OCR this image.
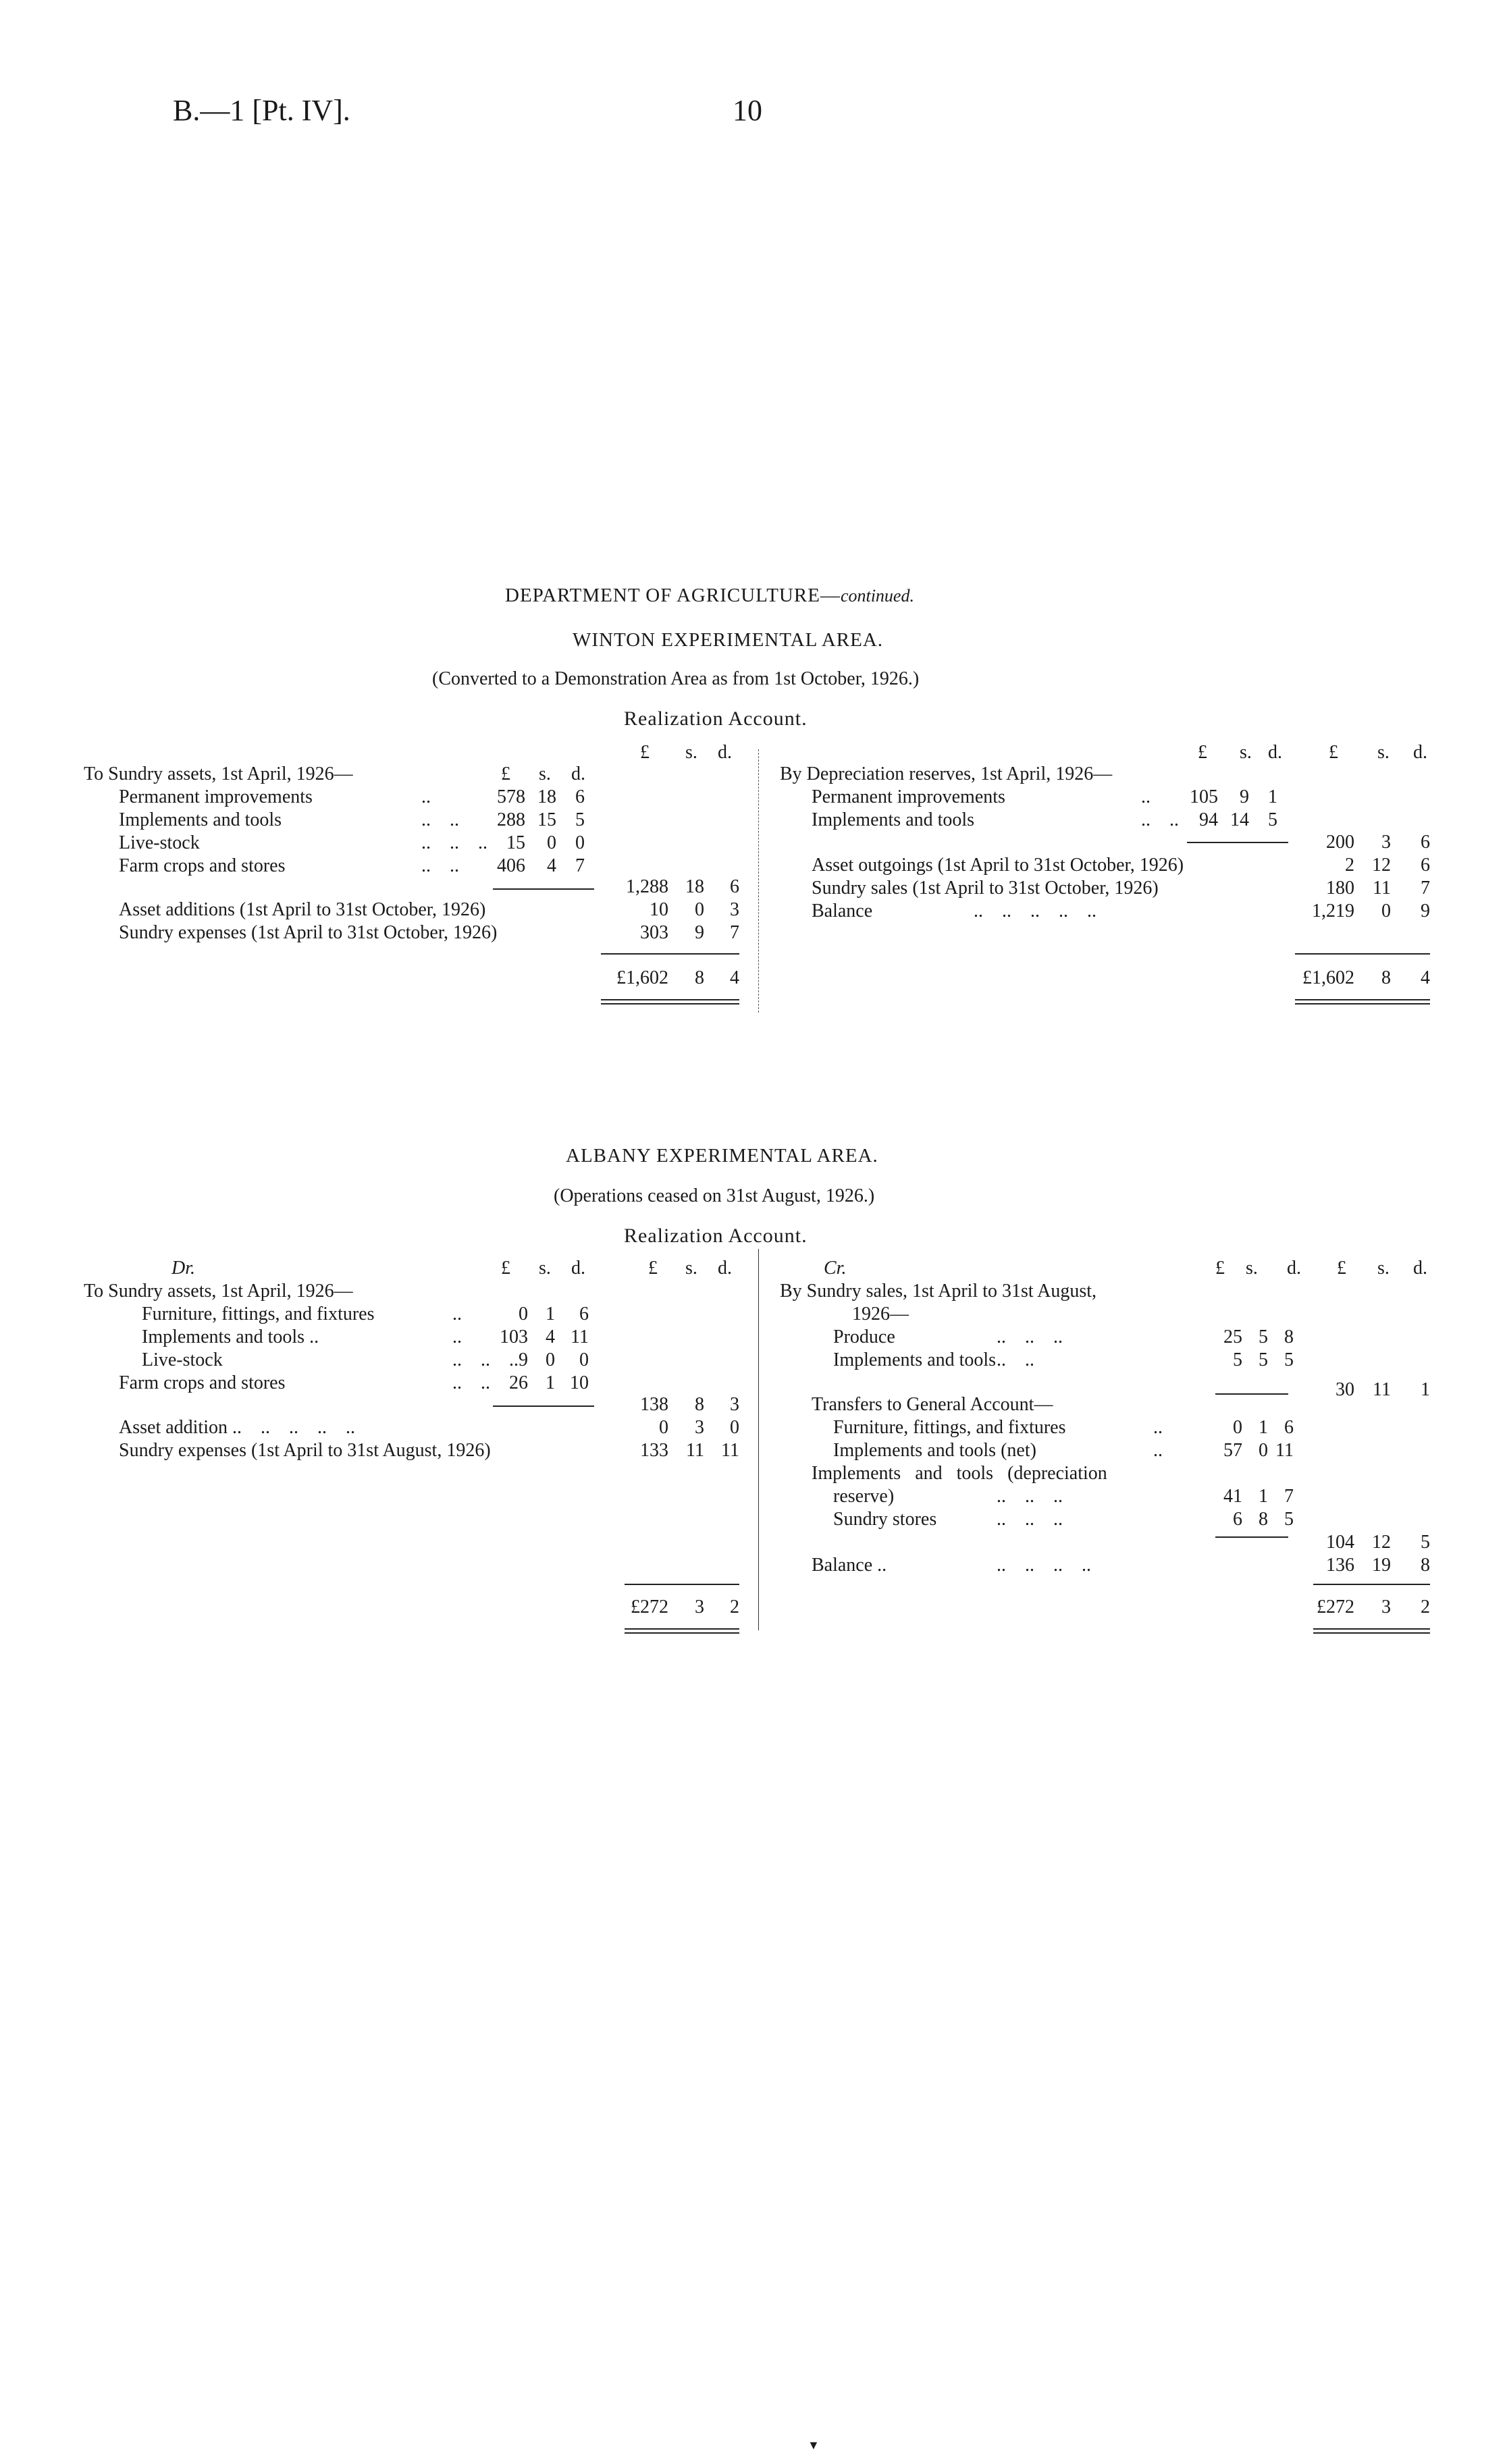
B.—1 [Pt. IV].	10
DEPARTMENT OF AGRICULTURE—continued.
WINTON EXPERIMENTAL AREA.
(Converted to a Demonstration Area as from 1st October, 1926.)
Realization Account.
£ s. d.
To Sundry assets, 1st April, 1926—	£ s. d.
Permanent improvements	..	578 18	6
Implements and tools	..    ..	288 15	5
Live-stock	..    ..    ..	15	0	0
Farm crops and stores	..    ..	406	4	7
1,288 18	6
Asset additions (1st April to 31st October, 1926)	10	0	3
Sundry expenses (1st April to 31st October, 1926)	303	9	7
£1,602	8	4
£ s. d. £ s. d.
By Depreciation reserves, 1st April, 1926—
Permanent improvements	..	105	9	1
Implements and tools	..    ..	94 14	5
200	3	6
Asset outgoings (1st April to 31st October, 1926)	2 12	6
Sundry sales (1st April to 31st October, 1926)	180 11	7
Balance	..    ..    ..    ..    ..	1,219	0	9
£1,602	8	4
ALBANY EXPERIMENTAL AREA.
(Operations ceased on 31st August, 1926.)
Realization Account.
Dr.	£ s. d.	£ s. d.
To Sundry assets, 1st April, 1926—
Furniture, fittings, and fixtures	..	0 1	6
Implements and tools ..	..	103 4 11
Live-stock	..    ..    .. 9 0	0
Farm crops and stores	..    ..	26 1 10
138	8	3
Asset addition ..    ..    ..    ..    ..	0	3	0
Sundry expenses (1st April to 31st August, 1926)	133 11 11
£272	3	2
Cr.	£ s. d. £ s. d.
By Sundry sales, 1st April to 31st August,
1926—
Produce	..    ..    ..	25 5 8
Implements and tools ..    ..	5 5 5
30 11	1
Transfers to General Account—
Furniture, fittings, and fixtures	..	0 1 6
Implements and tools (net)	..	57 0 11
Implements   and   tools   (depreciation
reserve)	..    ..    ..	41 1 7
Sundry stores	..    ..    ..	6 8 5
104 12	5
Balance ..	..    ..    ..    ..	136 19	8
£272	3	2
▼
